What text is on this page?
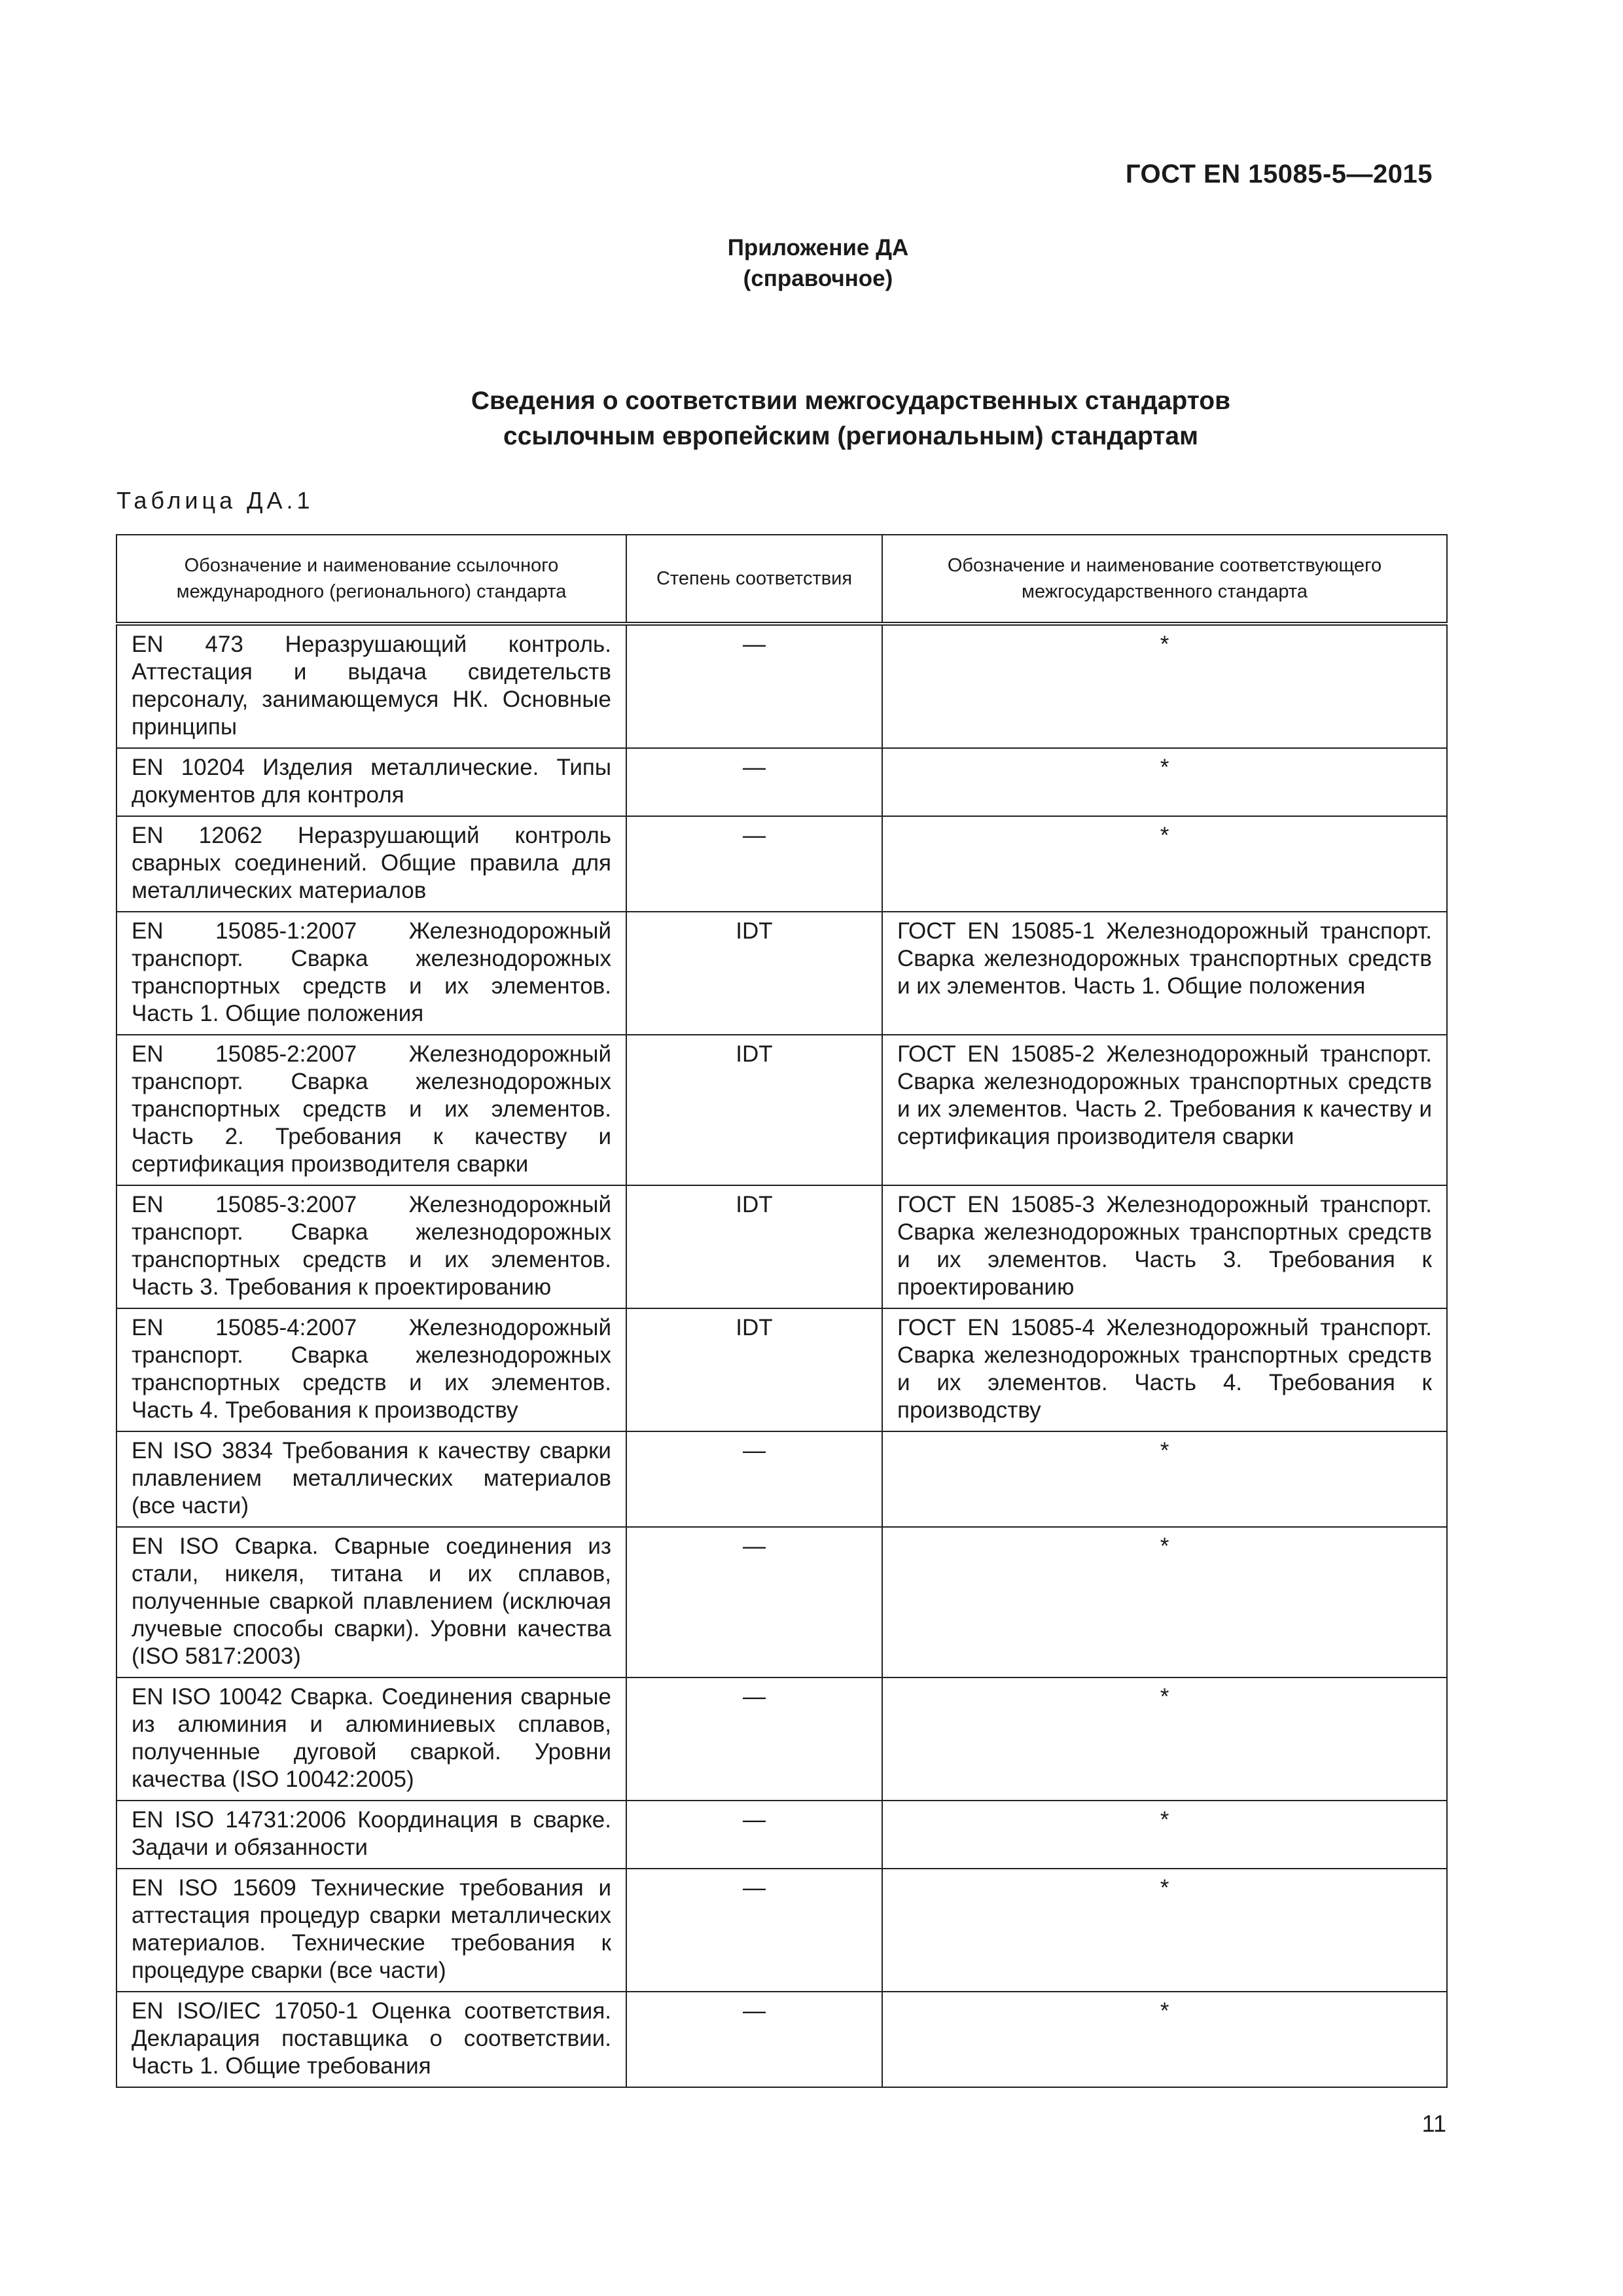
ГОСТ EN 15085-5—2015
Приложение ДА
(справочное)
Сведения о соответствии межгосударственных стандартов
ссылочным европейским (региональным) стандартам
Таблица ДА.1
Обозначение и наименование ссылочного международного (регионального) стандарта	Степень соответствия	Обозначение и наименование соответствующего межгосударственного стандарта
EN 473 Неразрушающий контроль. Аттестация и выдача свидетельств персоналу, занимающемуся НК. Основные принципы	—	*
EN 10204 Изделия металлические. Типы документов для контроля	—	*
EN 12062 Неразрушающий контроль сварных соединений. Общие правила для металлических материалов	—	*
EN 15085-1:2007 Железнодорожный транспорт. Сварка железнодорожных транспортных средств и их элементов. Часть 1. Общие положения	IDT	ГОСТ EN 15085-1 Железнодорожный транспорт. Сварка железнодорожных транспортных средств и их элементов. Часть 1. Общие положения
EN 15085-2:2007 Железнодорожный транспорт. Сварка железнодорожных транспортных средств и их элементов. Часть 2. Требования к качеству и сертификация производителя сварки	IDT	ГОСТ EN 15085-2 Железнодорожный транспорт. Сварка железнодорожных транспортных средств и их элементов. Часть 2. Требования к качеству и сертификация производителя сварки
EN 15085-3:2007 Железнодорожный транспорт. Сварка железнодорожных транспортных средств и их элементов. Часть 3. Требования к проектированию	IDT	ГОСТ EN 15085-3 Железнодорожный транспорт. Сварка железнодорожных транспортных средств и их элементов. Часть 3. Требования к проектированию
EN 15085-4:2007 Железнодорожный транспорт. Сварка железнодорожных транспортных средств и их элементов. Часть 4. Требования к производству	IDT	ГОСТ EN 15085-4 Железнодорожный транспорт. Сварка железнодорожных транспортных средств и их элементов. Часть 4. Требования к производству
EN ISO 3834 Требования к качеству сварки плавлением металлических материалов (все части)	—	*
EN ISO Сварка. Сварные соединения из стали, никеля, титана и их сплавов, полученные сваркой плавлением (исключая лучевые способы сварки). Уровни качества (ISO 5817:2003)	—	*
EN ISO 10042 Сварка. Соединения сварные из алюминия и алюминиевых сплавов, полученные дуговой сваркой. Уровни качества (ISO 10042:2005)	—	*
EN ISO 14731:2006 Координация в сварке. Задачи и обязанности	—	*
EN ISO 15609 Технические требования и аттестация процедур сварки металлических материалов. Технические требования к процедуре сварки (все части)	—	*
EN ISO/IEC 17050-1 Оценка соответствия. Декларация поставщика о соответствии. Часть 1. Общие требования	—	*
11
